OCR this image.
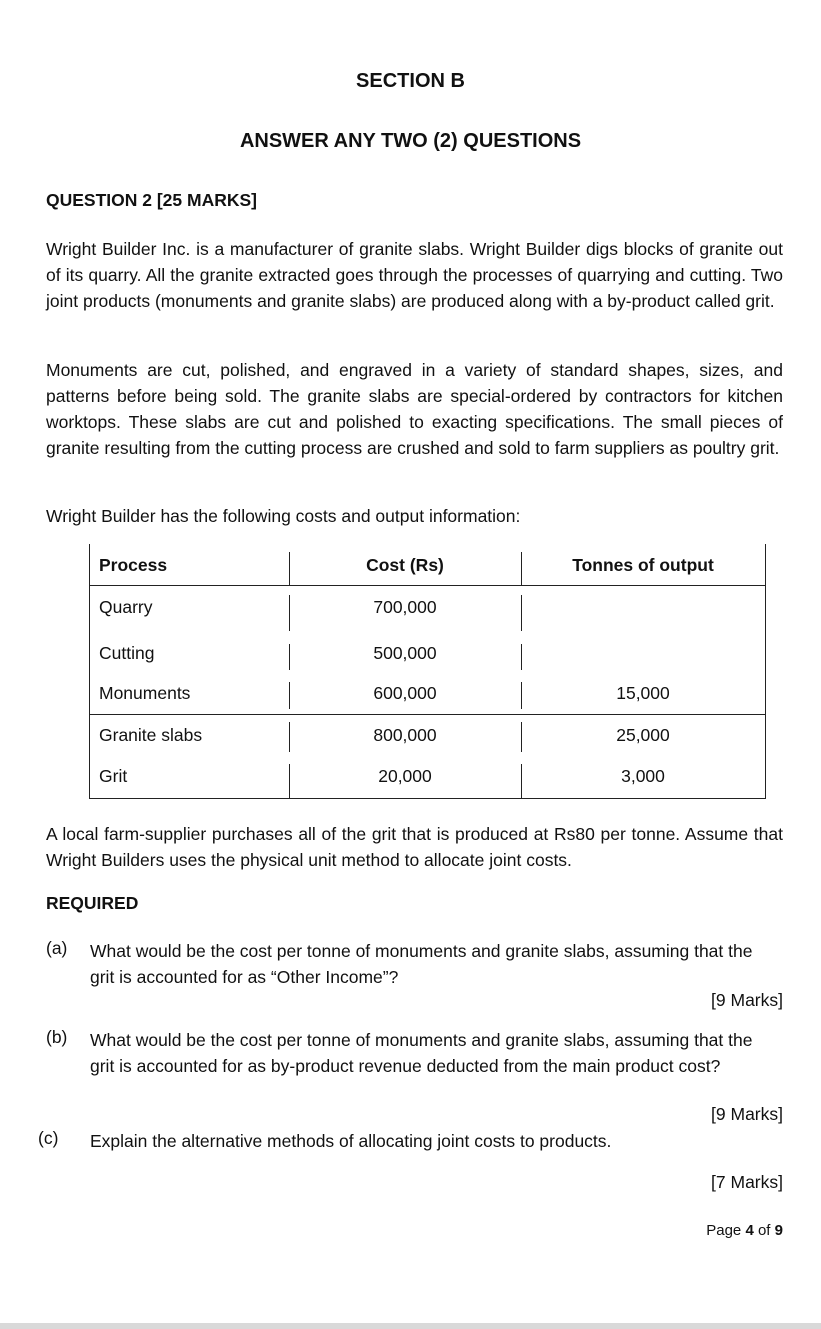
SECTION B
ANSWER ANY TWO (2) QUESTIONS
QUESTION 2 [25 MARKS]
Wright Builder Inc. is a manufacturer of granite slabs. Wright Builder digs blocks of granite out of its quarry. All the granite extracted goes through the processes of quarrying and cutting. Two joint products (monuments and granite slabs) are produced along with a by-product called grit.
Monuments are cut, polished, and engraved in a variety of standard shapes, sizes, and patterns before being sold. The granite slabs are special-ordered by contractors for kitchen worktops. These slabs are cut and polished to exacting specifications. The small pieces of granite resulting from the cutting process are crushed and sold to farm suppliers as poultry grit.
Wright Builder has the following costs and output information:
Process	Cost (Rs)	Tonnes of output
Quarry	700,000
Cutting	500,000
Monuments	600,000	15,000
Granite slabs	800,000	25,000
Grit	20,000	3,000
A local farm-supplier purchases all of the grit that is produced at Rs80 per tonne. Assume that Wright Builders uses the physical unit method to allocate joint costs.
REQUIRED
(a) What would be the cost per tonne of monuments and granite slabs, assuming that the grit is accounted for as “Other Income”?
[9 Marks]
(b) What would be the cost per tonne of monuments and granite slabs, assuming that the grit is accounted for as by-product revenue deducted from the main product cost?
[9 Marks]
(c) Explain the alternative methods of allocating joint costs to products.
[7 Marks]
Page 4 of 9
